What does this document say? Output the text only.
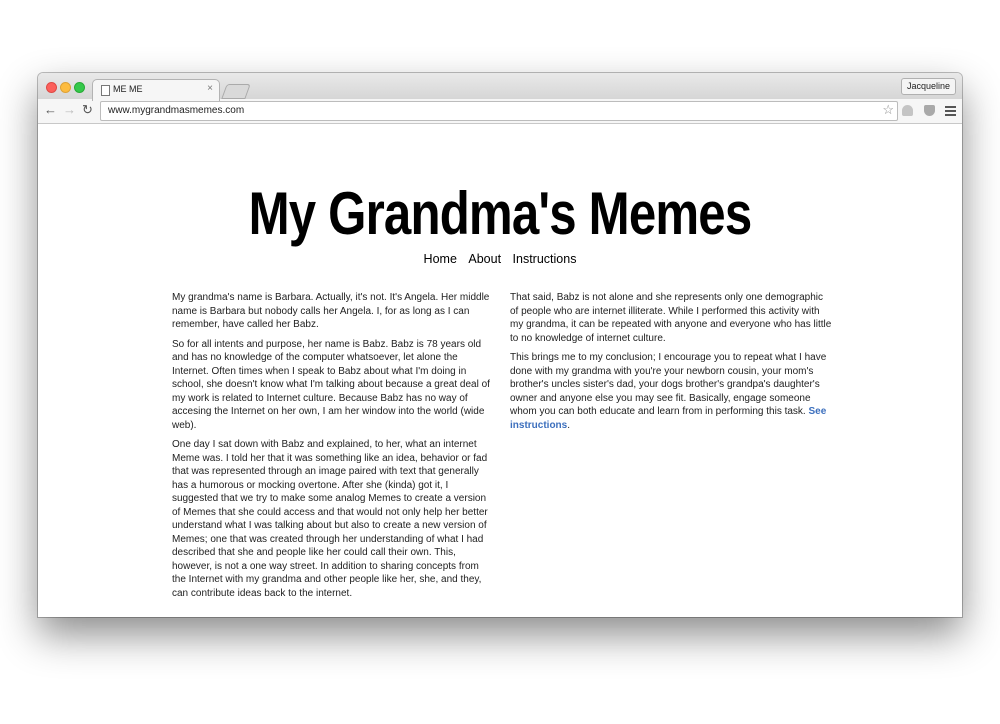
ME ME	×	Jacqueline
← → ↻ www.mygrandmasmemes.com	☆
My Grandma's Memes
Home About Instructions

My grandma's name is Barbara. Actually, it's not. It's Angela. Her middle name is Barbara but nobody calls her Angela. I, for as long as I can remember, have called her Babz.

So for all intents and purpose, her name is Babz. Babz is 78 years old and has no knowledge of the computer whatsoever, let alone the Internet. Often times when I speak to Babz about what I'm doing in school, she doesn't know what I'm talking about because a great deal of my work is related to Internet culture. Because Babz has no way of accesing the Internet on her own, I am her window into the world (wide web).

One day I sat down with Babz and explained, to her, what an internet Meme was. I told her that it was something like an idea, behavior or fad that was represented through an image paired with text that generally has a humorous or mocking overtone. After she (kinda) got it, I suggested that we try to make some analog Memes to create a version of Memes that she could access and that would not only help her better understand what I was talking about but also to create a new version of Memes; one that was created through her understanding of what I had described that she and people like her could call their own. This, however, is not a one way street. In addition to sharing concepts from the Internet with my grandma and other people like her, she, and they, can contribute ideas back to the internet.

That said, Babz is not alone and she represents only one demographic of people who are internet illiterate. While I performed this activity with my grandma, it can be repeated with anyone and everyone who has little to no knowledge of internet culture.

This brings me to my conclusion; I encourage you to repeat what I have done with my grandma with you're your newborn cousin, your mom's brother's uncles sister's dad, your dogs brother's grandpa's daughter's owner and anyone else you may see fit. Basically, engage someone whom you can both educate and learn from in performing this task. See instructions.
